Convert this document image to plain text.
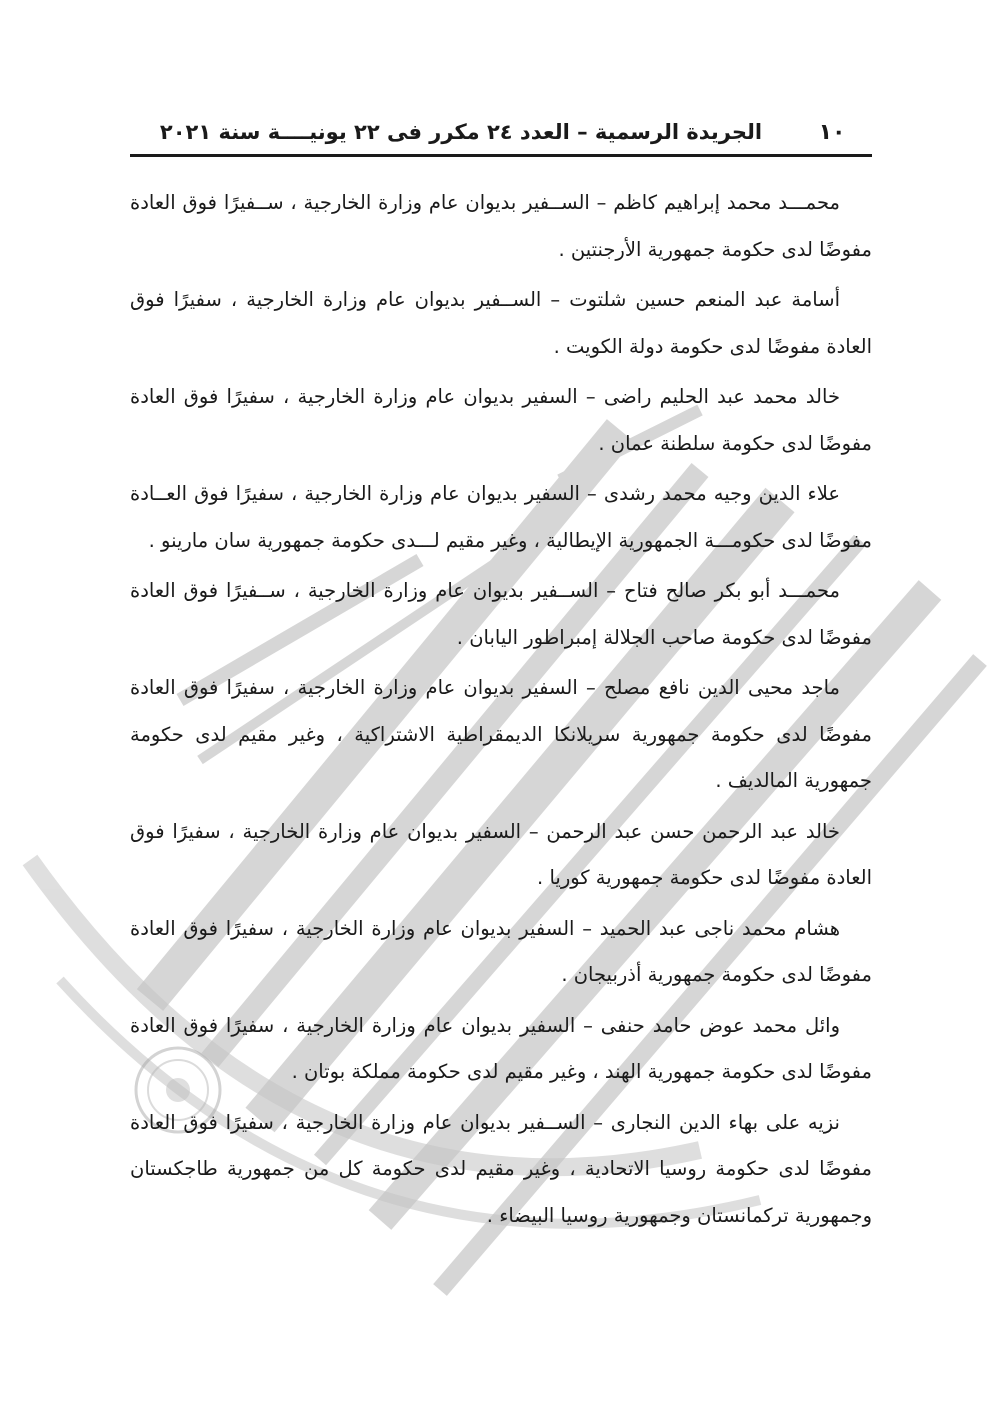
١٠
الجريدة الرسمية – العدد ٢٤ مكرر فى ٢٢ يونيــــة سنة ٢٠٢١

محمـــد محمد إبراهيم كاظم – الســفير بديوان عام وزارة الخارجية ، ســفيرًا فوق العادة مفوضًا لدى حكومة جمهورية الأرجنتين .

أسامة عبد المنعم حسين شلتوت – الســفير بديوان عام وزارة الخارجية ، سفيرًا فوق العادة مفوضًا لدى حكومة دولة الكويت .

خالد محمد عبد الحليم راضى – السفير بديوان عام وزارة الخارجية ، سفيرًا فوق العادة مفوضًا لدى حكومة سلطنة عمان .

علاء الدين وجيه محمد رشدى – السفير بديوان عام وزارة الخارجية ، سفيرًا فوق العــادة مفوضًا لدى حكومـــة الجمهورية الإيطالية ، وغير مقيم لـــدى حكومة جمهورية سان مارينو .

محمـــد أبو بكر صالح فتاح – الســفير بديوان عام وزارة الخارجية ، ســفيرًا فوق العادة مفوضًا لدى حكومة صاحب الجلالة إمبراطور اليابان .

ماجد محيى الدين نافع مصلح – السفير بديوان عام وزارة الخارجية ، سفيرًا فوق العادة مفوضًا لدى حكومة جمهورية سريلانكا الديمقراطية الاشتراكية ، وغير مقيم لدى حكومة جمهورية المالديف .

خالد عبد الرحمن حسن عبد الرحمن – السفير بديوان عام وزارة الخارجية ، سفيرًا فوق العادة مفوضًا لدى حكومة جمهورية كوريا .

هشام محمد ناجى عبد الحميد – السفير بديوان عام وزارة الخارجية ، سفيرًا فوق العادة مفوضًا لدى حكومة جمهورية أذربيجان .

وائل محمد عوض حامد حنفى – السفير بديوان عام وزارة الخارجية ، سفيرًا فوق العادة مفوضًا لدى حكومة جمهورية الهند ، وغير مقيم لدى حكومة مملكة بوتان .

نزيه على بهاء الدين النجارى – الســفير بديوان عام وزارة الخارجية ، سفيرًا فوق العادة مفوضًا لدى حكومة روسيا الاتحادية ، وغير مقيم لدى حكومة كل من جمهورية طاجكستان وجمهورية تركمانستان وجمهورية روسيا البيضاء .
